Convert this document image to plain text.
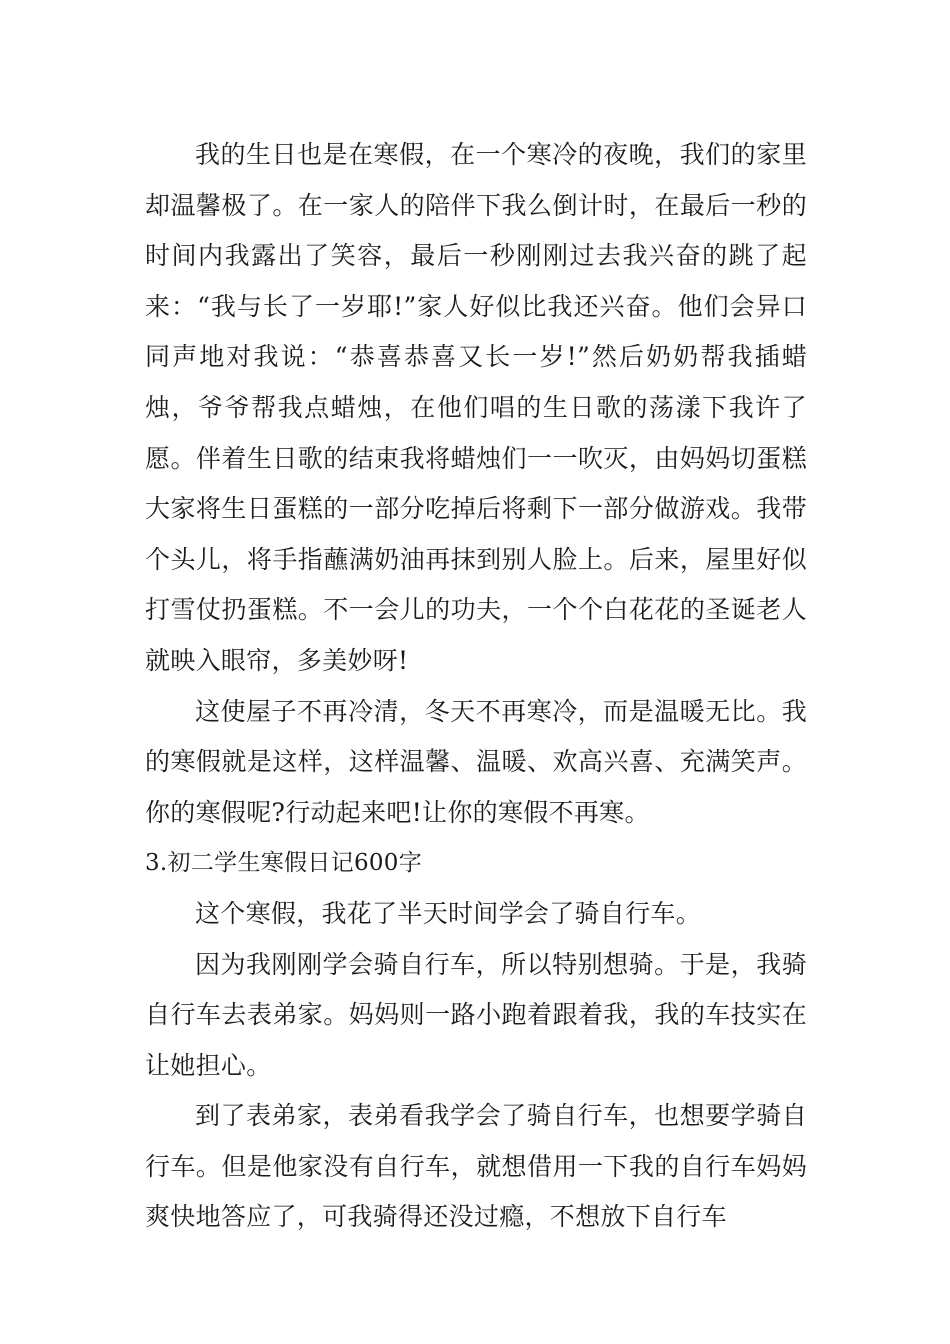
我的生日也是在寒假，在一个寒冷的夜晚，我们的家里却温馨极了。在一家人的陪伴下我么倒计时，在最后一秒的时间内我露出了笑容，最后一秒刚刚过去我兴奋的跳了起来：“我与长了一岁耶!”家人好似比我还兴奋。他们会异口同声地对我说：“恭喜恭喜又长一岁!”然后奶奶帮我插蜡烛，爷爷帮我点蜡烛，在他们唱的生日歌的荡漾下我许了愿。伴着生日歌的结束我将蜡烛们一一吹灭，由妈妈切蛋糕大家将生日蛋糕的一部分吃掉后将剩下一部分做游戏。我带个头儿，将手指蘸满奶油再抹到别人脸上。后来，屋里好似打雪仗扔蛋糕。不一会儿的功夫，一个个白花花的圣诞老人就映入眼帘，多美妙呀!

这使屋子不再冷清，冬天不再寒冷，而是温暖无比。我的寒假就是这样，这样温馨、温暖、欢高兴喜、充满笑声。你的寒假呢?行动起来吧!让你的寒假不再寒。

3.初二学生寒假日记600字

这个寒假，我花了半天时间学会了骑自行车。

因为我刚刚学会骑自行车，所以特别想骑。于是，我骑自行车去表弟家。妈妈则一路小跑着跟着我，我的车技实在让她担心。

到了表弟家，表弟看我学会了骑自行车，也想要学骑自行车。但是他家没有自行车，就想借用一下我的自行车妈妈爽快地答应了，可我骑得还没过瘾，不想放下自行车
